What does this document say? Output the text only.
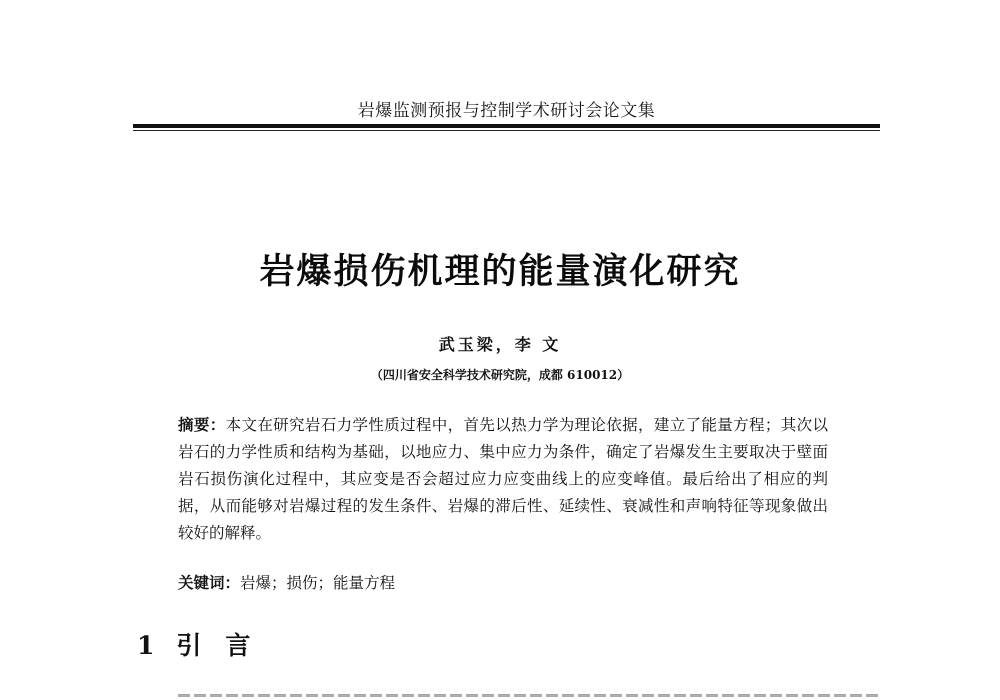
岩爆监测预报与控制学术研讨会论文集
岩爆损伤机理的能量演化研究
武玉梁，李 文
（四川省安全科学技术研究院，成都 610012）

摘要：本文在研究岩石力学性质过程中，首先以热力学为理论依据，建立了能量方程；其次以岩石的力学性质和结构为基础，以地应力、集中应力为条件，确定了岩爆发生主要取决于壁面岩石损伤演化过程中，其应变是否会超过应力应变曲线上的应变峰值。最后给出了相应的判据，从而能够对岩爆过程的发生条件、岩爆的滞后性、延续性、衰减性和声响特征等现象做出较好的解释。

关键词：岩爆；损伤；能量方程

1 引言
